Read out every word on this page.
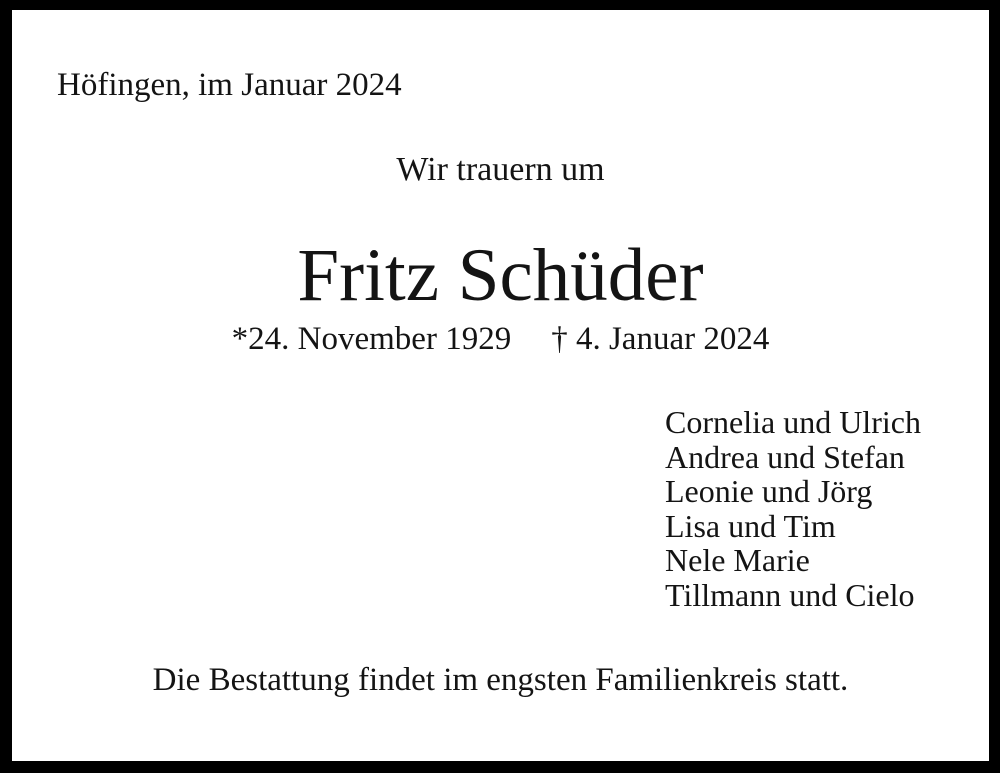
Höfingen, im Januar 2024
Wir trauern um
Fritz Schüder
*24. November 1929 † 4. Januar 2024
Cornelia und Ulrich
Andrea und Stefan
Leonie und Jörg
Lisa und Tim
Nele Marie
Tillmann und Cielo
Die Bestattung findet im engsten Familienkreis statt.
